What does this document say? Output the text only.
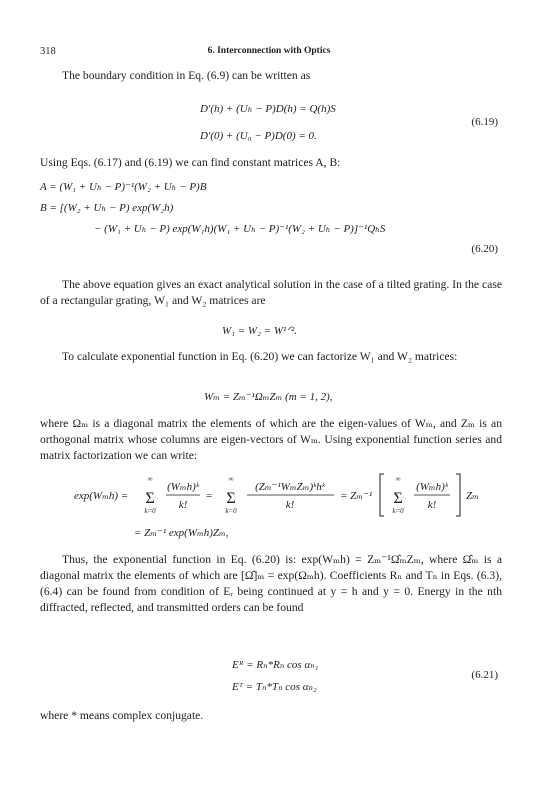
318	6. Interconnection with Optics

The boundary condition in Eq. (6.9) can be written as

D′(h) + (Uₕ − P)D(h) = Q(h)S
D′(0) + (U₀ − P)D(0) = 0.
(6.19)

Using Eqs. (6.17) and (6.19) we can find constant matrices A, B:

A = (W₁ + Uₕ − P)⁻¹(W₂ + Uₕ − P)B
B = [(W₂ + Uₕ − P) exp(W₂h)
− (W₁ + Uₕ − P) exp(W₁h)(W₁ + Uₕ − P)⁻¹(W₂ + Uₕ − P)]⁻¹QₕS
(6.20)

The above equation gives an exact analytical solution in the case of a tilted grating. In the case of a rectangular grating, W₁ and W₂ matrices are

W₁ = W₂ = W¹ᐟ².

To calculate exponential function in Eq. (6.20) we can factorize W₁ and W₂ matrices:

Wₘ = Zₘ⁻¹ΩₘZₘ (m = 1, 2),

where Ωₘ is a diagonal matrix the elements of which are the eigen-values of Wₘ, and Zₘ is an orthogonal matrix whose columns are eigen-vectors of Wₘ. Using exponential function series and matrix factorization we can write:

exp(Wₘh) =
∞
Σ
k=0
(Wₘh)ᵏ
k!
=
∞
Σ
k=0
(Zₘ⁻¹WₘZₘ)ᵏhᵏ
k!
= Zₘ⁻¹
∞
Σ
k=0
(Wₘh)ᵏ
k!
Zₘ
= Zₘ⁻¹ exp(Wₘh)Zₘ,

Thus, the exponential function in Eq. (6.20) is: exp(Wₘh) = Zₘ⁻¹Ω̂ₘZₘ, where Ω̂ₘ is a diagonal matrix the elements of which are [Ω̂]ₘ = exp(Ωₘh). Coefficients Rₙ and Tₙ in Eqs. (6.3), (6.4) can be found from condition of Eᵣ being continued at y = h and y = 0. Energy in the nth diffracted, reflected, and transmitted orders can be found

Eᴿ = Rₙ*Rₙ cos αₙ₁
Eᵀ = Tₙ*Tₙ cos αₙ₂
(6.21)

where * means complex conjugate.
